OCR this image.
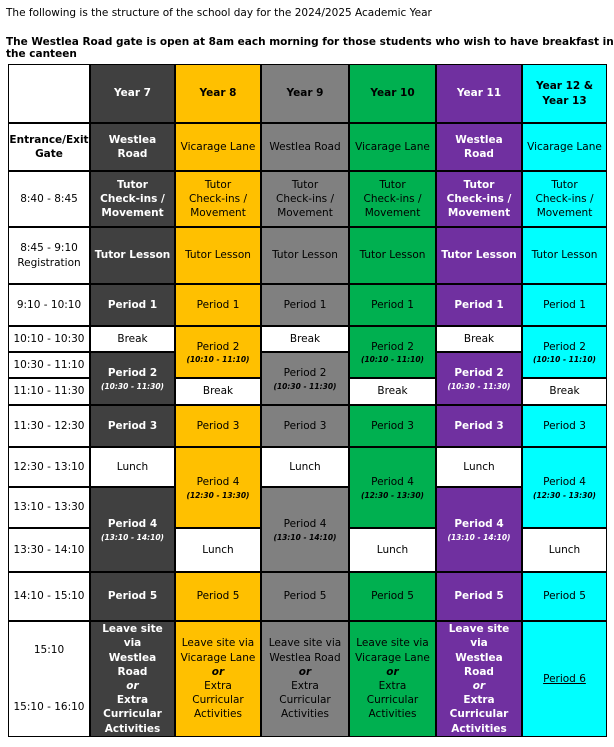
The following is the structure of the school day for the 2024/2025 Academic Year
The Westlea Road gate is open at 8am each morning for those students who wish to have breakfast in the canteen
Entrance/Exit Gate
8:40 - 8:45
8:45 - 9:10 Registration
9:10 - 10:10
10:10 - 10:30
10:30 - 11:10
11:10 - 11:30
11:30 - 12:30
12:30 - 13:10
13:10 - 13:30
13:30 - 14:10
14:10 - 15:10
15:10
15:10 - 16:10
Year 7
Westlea Road
Tutor
Check-ins /
Movement
Tutor Lesson
Period 1
Break
Period 2
(10:30 - 11:30)
Period 3
Lunch
Period 4
(13:10 - 14:10)
Period 5
Leave site via
Westlea Road
or
Extra
Curricular
Activities
Year 8
Vicarage Lane
Tutor
Check-ins /
Movement
Tutor Lesson
Period 1
Period 2
(10:10 - 11:10)
Break
Period 3
Period 4
(12:30 - 13:30)
Lunch
Period 5
Leave site via
Vicarage Lane
or
Extra
Curricular
Activities
Year 9
Westlea Road
Tutor
Check-ins /
Movement
Tutor Lesson
Period 1
Break
Period 2
(10:30 - 11:30)
Period 3
Lunch
Period 4
(13:10 - 14:10)
Period 5
Leave site via
Westlea Road
or
Extra
Curricular
Activities
Year 10
Vicarage Lane
Tutor
Check-ins /
Movement
Tutor Lesson
Period 1
Period 2
(10:10 - 11:10)
Break
Period 3
Period 4
(12:30 - 13:30)
Lunch
Period 5
Leave site via
Vicarage Lane
or
Extra
Curricular
Activities
Year 11
Westlea Road
Tutor
Check-ins /
Movement
Tutor Lesson
Period 1
Break
Period 2
(10:30 - 11:30)
Period 3
Lunch
Period 4
(13:10 - 14:10)
Period 5
Leave site via
Westlea Road
or
Extra
Curricular
Activities
Year 12 & Year 13
Vicarage Lane
Tutor
Check-ins /
Movement
Tutor Lesson
Period 1
Period 2
(10:10 - 11:10)
Break
Period 3
Period 4
(12:30 - 13:30)
Lunch
Period 5
Period 6
